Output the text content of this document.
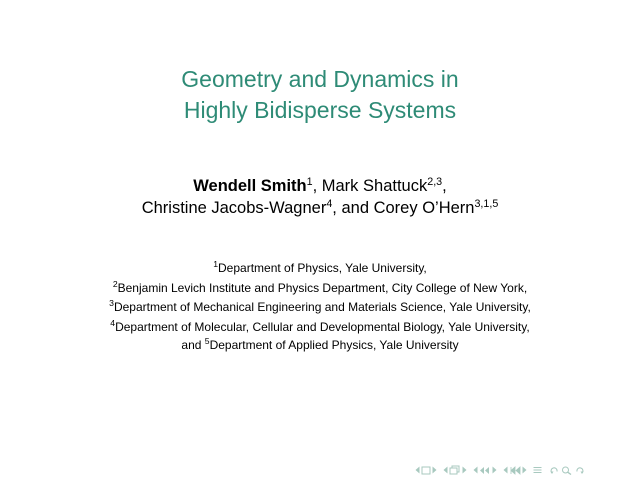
Geometry and Dynamics in
Highly Bidisperse Systems
Wendell Smith$^1$, Mark Shattuck$^{2,3}$,
Christine Jacobs-Wagner$^4$, and Corey O’Hern$^{3,1,5}$
$^1$Department of Physics, Yale University,
$^2$Benjamin Levich Institute and Physics Department, City College of New York,
$^3$Department of Mechanical Engineering and Materials Science, Yale University,
$^4$Department of Molecular, Cellular and Developmental Biology, Yale University,
and $^5$Department of Applied Physics, Yale University
